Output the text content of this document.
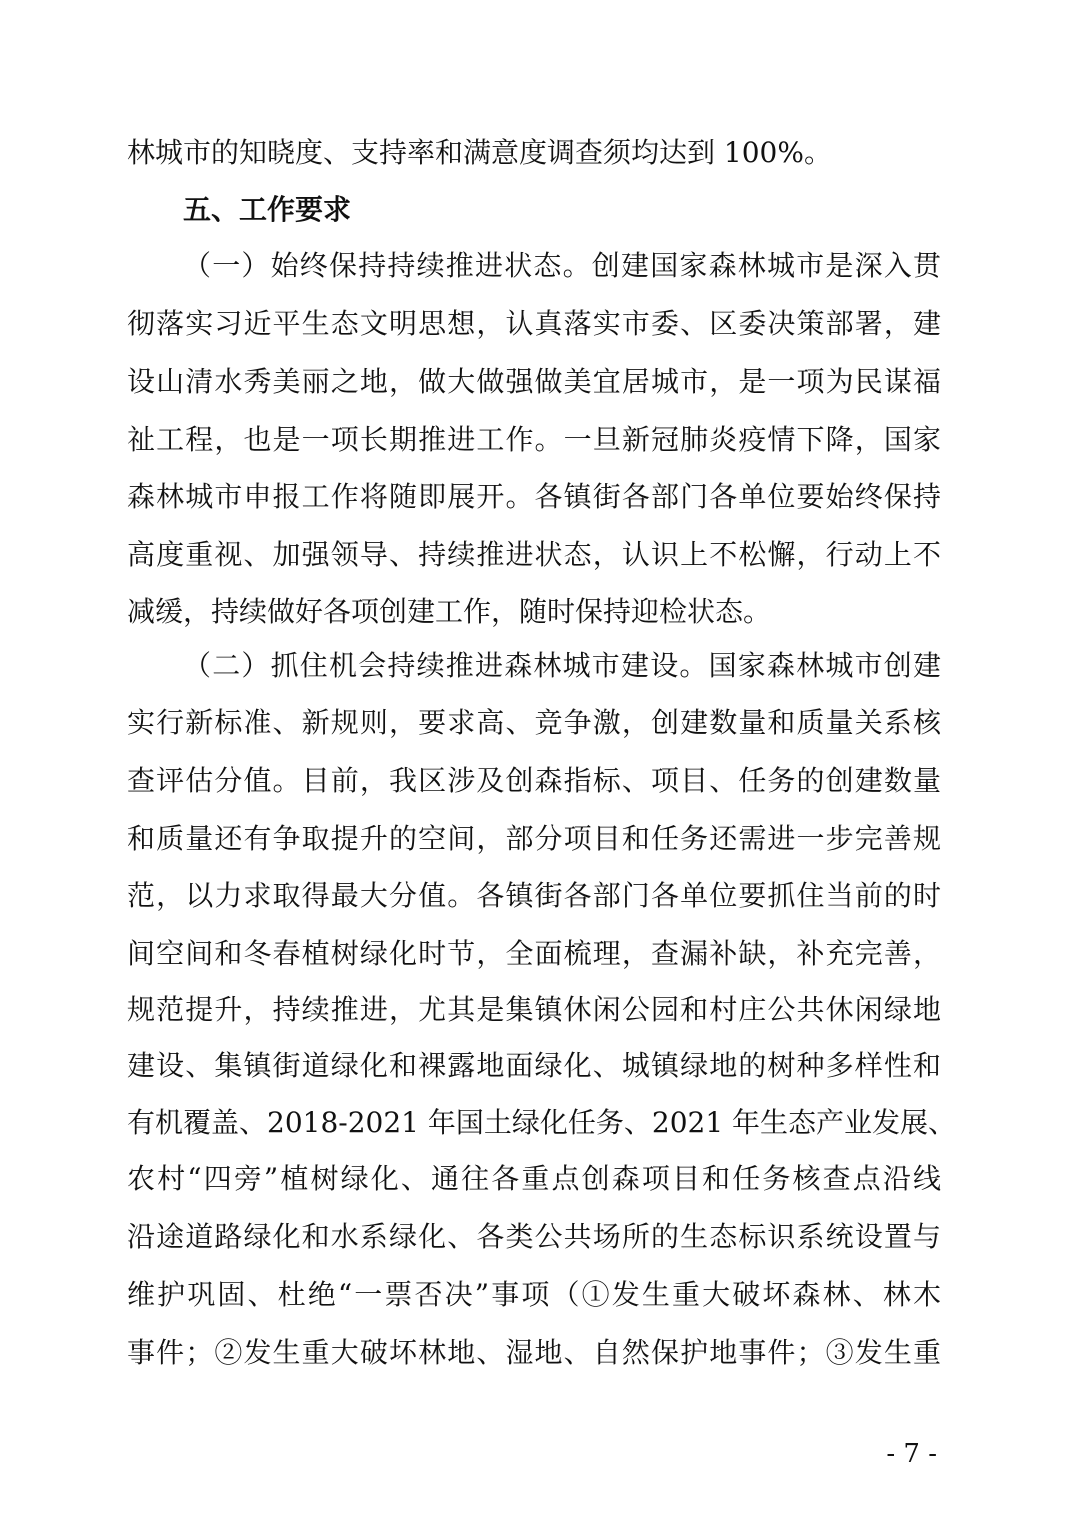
林城市的知晓度、支持率和满意度调查须均达到 100%。
五、工作要求
（一）始终保持持续推进状态。创建国家森林城市是深入贯
彻落实习近平生态文明思想，认真落实市委、区委决策部署，建
设山清水秀美丽之地，做大做强做美宜居城市，是一项为民谋福
祉工程，也是一项长期推进工作。一旦新冠肺炎疫情下降，国家
森林城市申报工作将随即展开。各镇街各部门各单位要始终保持
高度重视、加强领导、持续推进状态，认识上不松懈，行动上不
减缓，持续做好各项创建工作，随时保持迎检状态。
（二）抓住机会持续推进森林城市建设。国家森林城市创建
实行新标准、新规则，要求高、竞争激，创建数量和质量关系核
查评估分值。目前，我区涉及创森指标、项目、任务的创建数量
和质量还有争取提升的空间，部分项目和任务还需进一步完善规
范，以力求取得最大分值。各镇街各部门各单位要抓住当前的时
间空间和冬春植树绿化时节，全面梳理，查漏补缺，补充完善，
规范提升，持续推进，尤其是集镇休闲公园和村庄公共休闲绿地
建设、集镇街道绿化和裸露地面绿化、城镇绿地的树种多样性和
有机覆盖、2018-2021 年国土绿化任务、2021 年生态产业发展、
农村“四旁”植树绿化、通往各重点创森项目和任务核查点沿线
沿途道路绿化和水系绿化、各类公共场所的生态标识系统设置与
维护巩固、杜绝“一票否决”事项（①发生重大破坏森林、林木
事件；②发生重大破坏林地、湿地、自然保护地事件；③发生重
- 7 -
